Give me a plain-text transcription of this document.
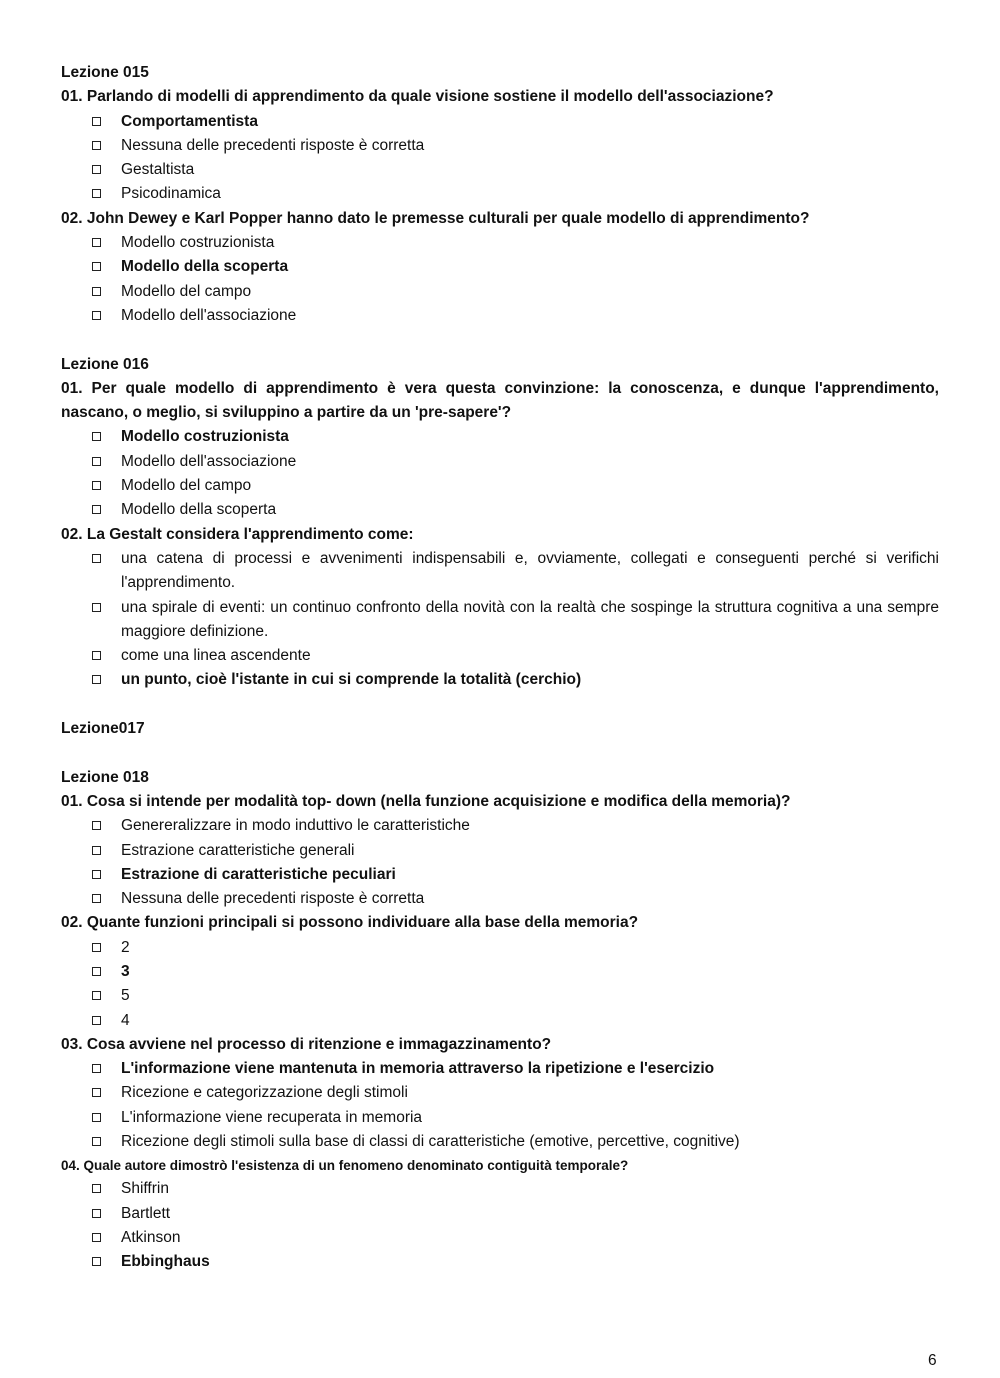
Lezione 015
01. Parlando di modelli di apprendimento da quale visione sostiene il modello dell'associazione?
Comportamentista
Nessuna delle precedenti risposte è corretta
Gestaltista
Psicodinamica
02. John Dewey e Karl Popper hanno dato le premesse culturali per quale modello di apprendimento?
Modello costruzionista
Modello della scoperta
Modello del campo
Modello dell'associazione
Lezione 016
01. Per quale modello di apprendimento è vera questa convinzione: la conoscenza, e dunque l'apprendimento, nascano, o meglio, si sviluppino a partire da un 'pre-sapere'?
Modello costruzionista
Modello dell'associazione
Modello del campo
Modello della scoperta
02. La Gestalt considera l'apprendimento come:
una catena di processi e avvenimenti indispensabili e, ovviamente, collegati e conseguenti perché si verifichi l'apprendimento.
una spirale di eventi: un continuo confronto della novità con la realtà che sospinge la struttura cognitiva a una sempre maggiore definizione.
come una linea ascendente
un punto, cioè l'istante in cui si comprende la totalità (cerchio)
Lezione017
Lezione 018
01. Cosa si intende per modalità top- down (nella funzione acquisizione e modifica della memoria)?
Genereralizzare in modo induttivo le caratteristiche
Estrazione caratteristiche generali
Estrazione di caratteristiche peculiari
Nessuna delle precedenti risposte è corretta
02. Quante funzioni principali si possono individuare alla base della memoria?
2
3
5
4
03. Cosa avviene nel processo di ritenzione e immagazzinamento?
L'informazione viene mantenuta in memoria attraverso la ripetizione e l'esercizio
Ricezione e categorizzazione degli stimoli
L'informazione viene recuperata in memoria
Ricezione degli stimoli sulla base di classi di caratteristiche (emotive, percettive, cognitive)
04. Quale autore dimostrò l'esistenza di un fenomeno denominato contiguità temporale?
Shiffrin
Bartlett
Atkinson
Ebbinghaus
6
